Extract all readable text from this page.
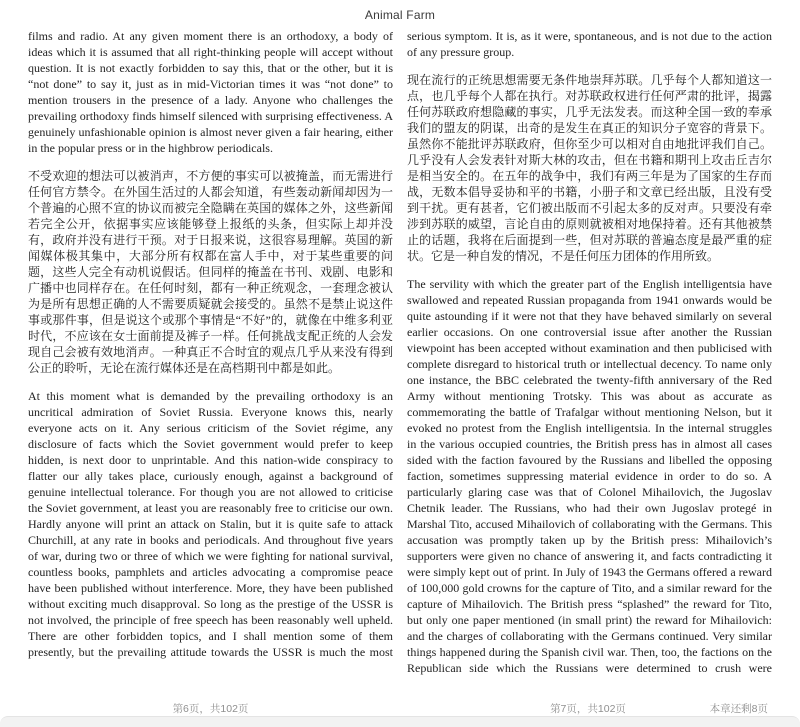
Animal Farm

films and radio. At any given moment there is an orthodoxy, a body of ideas which it is assumed that all right-thinking people will accept without question. It is not exactly forbidden to say this, that or the other, but it is “not done” to say it, just as in mid-Victorian times it was “not done” to mention trousers in the presence of a lady. Anyone who challenges the prevailing orthodoxy finds himself silenced with surprising effectiveness. A genuinely unfashionable opinion is almost never given a fair hearing, either in the popular press or in the highbrow periodicals.

不受欢迎的想法可以被消声，不方便的事实可以被掩盖，而无需进行任何官方禁令。在外国生活过的人都会知道，有些轰动新闻却因为一个普遍的心照不宣的协议而被完全隐瞒在英国的媒体之外，这些新闻若完全公开，依据事实应该能够登上报纸的头条，但实际上却并没有，政府并没有进行干预。对于日报来说，这很容易理解。英国的新闻媒体极其集中，大部分所有权都在富人手中，对于某些重要的问题，这些人完全有动机说假话。但同样的掩盖在书刊、戏剧、电影和广播中也同样存在。在任何时刻，都有一种正统观念，一套理念被认为是所有思想正确的人不需要质疑就会接受的。虽然不是禁止说这件事或那件事，但是说这个或那个事情是“不好”的，就像在中维多利亚时代，不应该在女士面前提及裤子一样。任何挑战支配正统的人会发现自己会被有效地消声。一种真正不合时宜的观点几乎从来没有得到公正的聆听，无论在流行媒体还是在高档期刊中都是如此。

At this moment what is demanded by the prevailing orthodoxy is an uncritical admiration of Soviet Russia. Everyone knows this, nearly everyone acts on it. Any serious criticism of the Soviet régime, any disclosure of facts which the Soviet government would prefer to keep hidden, is next door to unprintable. And this nation-wide conspiracy to flatter our ally takes place, curiously enough, against a background of genuine intellectual tolerance. For though you are not allowed to criticise the Soviet government, at least you are reasonably free to criticise our own. Hardly anyone will print an attack on Stalin, but it is quite safe to attack Churchill, at any rate in books and periodicals. And throughout five years of war, during two or three of which we were fighting for national survival, countless books, pamphlets and articles advocating a compromise peace have been published without interference. More, they have been published without exciting much disapproval. So long as the prestige of the USSR is not involved, the principle of free speech has been reasonably well upheld. There are other forbidden topics, and I shall mention some of them presently, but the prevailing attitude towards the USSR is much the most

serious symptom. It is, as it were, spontaneous, and is not due to the action of any pressure group.

现在流行的正统思想需要无条件地崇拜苏联。几乎每个人都知道这一点，也几乎每个人都在执行。对苏联政权进行任何严肃的批评，揭露任何苏联政府想隐藏的事实，几乎无法发表。而这种全国一致的奉承我们的盟友的阴谋，出奇的是发生在真正的知识分子宽容的背景下。虽然你不能批评苏联政府，但你至少可以相对自由地批评我们自己。几乎没有人会发表针对斯大林的攻击，但在书籍和期刊上攻击丘吉尔是相当安全的。在五年的战争中，我们有两三年是为了国家的生存而战，无数本倡导妥协和平的书籍，小册子和文章已经出版，且没有受到干扰。更有甚者，它们被出版而不引起太多的反对声。只要没有牵涉到苏联的威望，言论自由的原则就被相对地保持着。还有其他被禁止的话题，我将在后面提到一些，但对苏联的普遍态度是最严重的症状。它是一种自发的情况，不是任何压力团体的作用所致。

The servility with which the greater part of the English intelligentsia have swallowed and repeated Russian propaganda from 1941 onwards would be quite astounding if it were not that they have behaved similarly on several earlier occasions. On one controversial issue after another the Russian viewpoint has been accepted without examination and then publicised with complete disregard to historical truth or intellectual decency. To name only one instance, the BBC celebrated the twenty-fifth anniversary of the Red Army without mentioning Trotsky. This was about as accurate as commemorating the battle of Trafalgar without mentioning Nelson, but it evoked no protest from the English intelligentsia. In the internal struggles in the various occupied countries, the British press has in almost all cases sided with the faction favoured by the Russians and libelled the opposing faction, sometimes suppressing material evidence in order to do so. A particularly glaring case was that of Colonel Mihailovich, the Jugoslav Chetnik leader. The Russians, who had their own Jugoslav protegé in Marshal Tito, accused Mihailovich of collaborating with the Germans. This accusation was promptly taken up by the British press: Mihailovich’s supporters were given no chance of answering it, and facts contradicting it were simply kept out of print. In July of 1943 the Germans offered a reward of 100,000 gold crowns for the capture of Tito, and a similar reward for the capture of Mihailovich. The British press “splashed” the reward for Tito, but only one paper mentioned (in small print) the reward for Mihailovich: and the charges of collaborating with the Germans continued. Very similar things happened during the Spanish civil war. Then, too, the factions on the Republican side which the Russians were determined to crush were

第6页，共102页	第7页，共102页	本章还剩8页
